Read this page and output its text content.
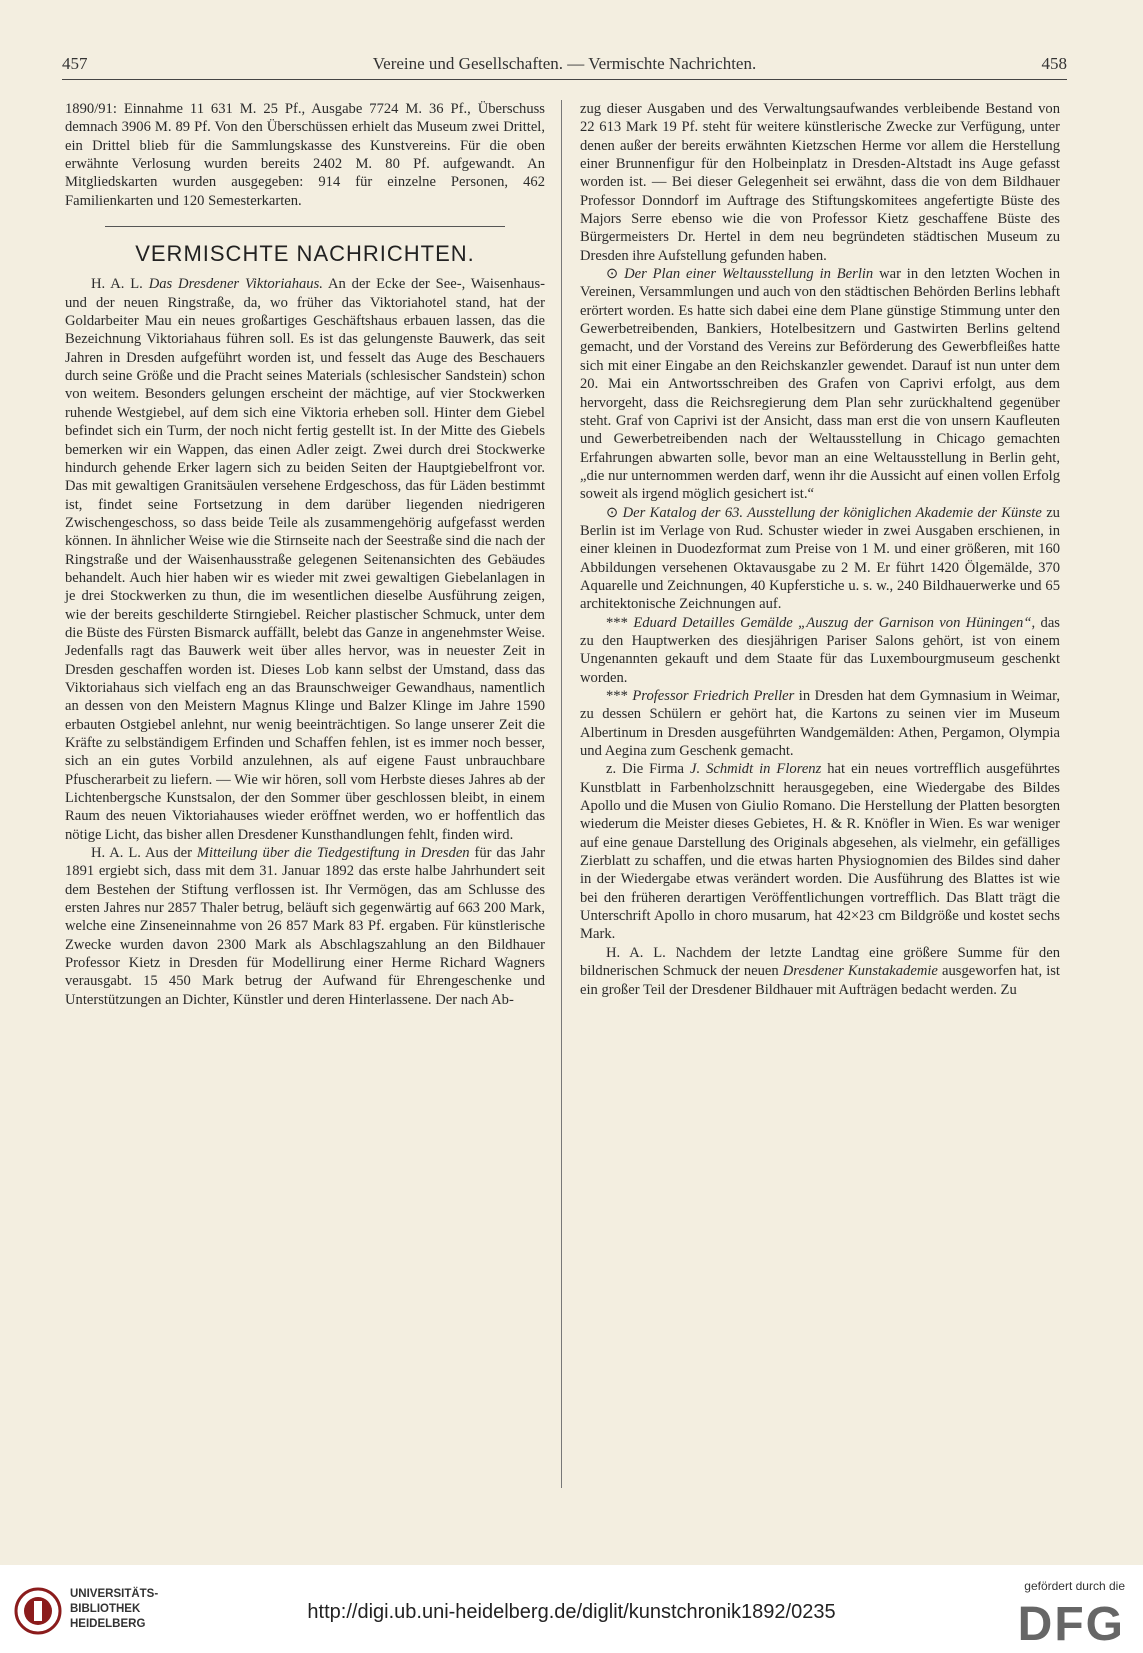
457	Vereine und Gesellschaften. — Vermischte Nachrichten.	458

1890/91: Einnahme 11 631 M. 25 Pf., Ausgabe 7724 M. 36 Pf., Überschuss demnach 3906 M. 89 Pf. Von den Überschüssen erhielt das Museum zwei Drittel, ein Drittel blieb für die Sammlungskasse des Kunstvereins. Für die oben erwähnte Verlosung wurden bereits 2402 M. 80 Pf. aufgewandt. An Mitgliedskarten wurden ausgegeben: 914 für einzelne Personen, 462 Familienkarten und 120 Semesterkarten.

VERMISCHTE NACHRICHTEN.

H. A. L. Das Dresdener Viktoriahaus. An der Ecke der See-, Waisenhaus- und der neuen Ringstraße, da, wo früher das Viktoriahotel stand, hat der Goldarbeiter Mau ein neues großartiges Geschäftshaus erbauen lassen, das die Bezeichnung Viktoriahaus führen soll. Es ist das gelungenste Bauwerk, das seit Jahren in Dresden aufgeführt worden ist, und fesselt das Auge des Beschauers durch seine Größe und die Pracht seines Materials (schlesischer Sandstein) schon von weitem. Besonders gelungen erscheint der mächtige, auf vier Stockwerken ruhende Westgiebel, auf dem sich eine Viktoria erheben soll. Hinter dem Giebel befindet sich ein Turm, der noch nicht fertig gestellt ist. In der Mitte des Giebels bemerken wir ein Wappen, das einen Adler zeigt. Zwei durch drei Stockwerke hindurch gehende Erker lagern sich zu beiden Seiten der Hauptgiebelfront vor. Das mit gewaltigen Granitsäulen versehene Erdgeschoss, das für Läden bestimmt ist, findet seine Fortsetzung in dem darüber liegenden niedrigeren Zwischengeschoss, so dass beide Teile als zusammengehörig aufgefasst werden können. In ähnlicher Weise wie die Stirnseite nach der Seestraße sind die nach der Ringstraße und der Waisenhausstraße gelegenen Seitenansichten des Gebäudes behandelt. Auch hier haben wir es wieder mit zwei gewaltigen Giebelanlagen in je drei Stockwerken zu thun, die im wesentlichen dieselbe Ausführung zeigen, wie der bereits geschilderte Stirngiebel. Reicher plastischer Schmuck, unter dem die Büste des Fürsten Bismarck auffällt, belebt das Ganze in angenehmster Weise. Jedenfalls ragt das Bauwerk weit über alles hervor, was in neuester Zeit in Dresden geschaffen worden ist. Dieses Lob kann selbst der Umstand, dass das Viktoriahaus sich vielfach eng an das Braunschweiger Gewandhaus, namentlich an dessen von den Meistern Magnus Klinge und Balzer Klinge im Jahre 1590 erbauten Ostgiebel anlehnt, nur wenig beeinträchtigen. So lange unserer Zeit die Kräfte zu selbständigem Erfinden und Schaffen fehlen, ist es immer noch besser, sich an ein gutes Vorbild anzulehnen, als auf eigene Faust unbrauchbare Pfuscherarbeit zu liefern. — Wie wir hören, soll vom Herbste dieses Jahres ab der Lichtenbergsche Kunstsalon, der den Sommer über geschlossen bleibt, in einem Raum des neuen Viktoriahauses wieder eröffnet werden, wo er hoffentlich das nötige Licht, das bisher allen Dresdener Kunsthandlungen fehlt, finden wird.

H. A. L. Aus der Mitteilung über die Tiedgestiftung in Dresden für das Jahr 1891 ergiebt sich, dass mit dem 31. Januar 1892 das erste halbe Jahrhundert seit dem Bestehen der Stiftung verflossen ist. Ihr Vermögen, das am Schlusse des ersten Jahres nur 2857 Thaler betrug, beläuft sich gegenwärtig auf 663 200 Mark, welche eine Zinseneinnahme von 26 857 Mark 83 Pf. ergaben. Für künstlerische Zwecke wurden davon 2300 Mark als Abschlagszahlung an den Bildhauer Professor Kietz in Dresden für Modellirung einer Herme Richard Wagners verausgabt. 15 450 Mark betrug der Aufwand für Ehrengeschenke und Unterstützungen an Dichter, Künstler und deren Hinterlassene. Der nach Ab-

zug dieser Ausgaben und des Verwaltungsaufwandes verbleibende Bestand von 22 613 Mark 19 Pf. steht für weitere künstlerische Zwecke zur Verfügung, unter denen außer der bereits erwähnten Kietzschen Herme vor allem die Herstellung einer Brunnenfigur für den Holbeinplatz in Dresden-Altstadt ins Auge gefasst worden ist. — Bei dieser Gelegenheit sei erwähnt, dass die von dem Bildhauer Professor Donndorf im Auftrage des Stiftungskomitees angefertigte Büste des Majors Serre ebenso wie die von Professor Kietz geschaffene Büste des Bürgermeisters Dr. Hertel in dem neu begründeten städtischen Museum zu Dresden ihre Aufstellung gefunden haben.

⊙ Der Plan einer Weltausstellung in Berlin war in den letzten Wochen in Vereinen, Versammlungen und auch von den städtischen Behörden Berlins lebhaft erörtert worden. Es hatte sich dabei eine dem Plane günstige Stimmung unter den Gewerbetreibenden, Bankiers, Hotelbesitzern und Gastwirten Berlins geltend gemacht, und der Vorstand des Vereins zur Beförderung des Gewerbfleißes hatte sich mit einer Eingabe an den Reichskanzler gewendet. Darauf ist nun unter dem 20. Mai ein Antwortsschreiben des Grafen von Caprivi erfolgt, aus dem hervorgeht, dass die Reichsregierung dem Plan sehr zurückhaltend gegenüber steht. Graf von Caprivi ist der Ansicht, dass man erst die von unsern Kaufleuten und Gewerbetreibenden nach der Weltausstellung in Chicago gemachten Erfahrungen abwarten solle, bevor man an eine Weltausstellung in Berlin geht, „die nur unternommen werden darf, wenn ihr die Aussicht auf einen vollen Erfolg soweit als irgend möglich gesichert ist.“

⊙ Der Katalog der 63. Ausstellung der königlichen Akademie der Künste zu Berlin ist im Verlage von Rud. Schuster wieder in zwei Ausgaben erschienen, in einer kleinen in Duodezformat zum Preise von 1 M. und einer größeren, mit 160 Abbildungen versehenen Oktavausgabe zu 2 M. Er führt 1420 Ölgemälde, 370 Aquarelle und Zeichnungen, 40 Kupferstiche u. s. w., 240 Bildhauerwerke und 65 architektonische Zeichnungen auf.

*** Eduard Detailles Gemälde „Auszug der Garnison von Hüningen“, das zu den Hauptwerken des diesjährigen Pariser Salons gehört, ist von einem Ungenannten gekauft und dem Staate für das Luxembourgmuseum geschenkt worden.

*** Professor Friedrich Preller in Dresden hat dem Gymnasium in Weimar, zu dessen Schülern er gehört hat, die Kartons zu seinen vier im Museum Albertinum in Dresden ausgeführten Wandgemälden: Athen, Pergamon, Olympia und Aegina zum Geschenk gemacht.

z. Die Firma J. Schmidt in Florenz hat ein neues vortrefflich ausgeführtes Kunstblatt in Farbenholzschnitt herausgegeben, eine Wiedergabe des Bildes Apollo und die Musen von Giulio Romano. Die Herstellung der Platten besorgten wiederum die Meister dieses Gebietes, H. & R. Knöfler in Wien. Es war weniger auf eine genaue Darstellung des Originals abgesehen, als vielmehr, ein gefälliges Zierblatt zu schaffen, und die etwas harten Physiognomien des Bildes sind daher in der Wiedergabe etwas verändert worden. Die Ausführung des Blattes ist wie bei den früheren derartigen Veröffentlichungen vortrefflich. Das Blatt trägt die Unterschrift Apollo in choro musarum, hat 42×23 cm Bildgröße und kostet sechs Mark.

H. A. L. Nachdem der letzte Landtag eine größere Summe für den bildnerischen Schmuck der neuen Dresdener Kunstakademie ausgeworfen hat, ist ein großer Teil der Dresdener Bildhauer mit Aufträgen bedacht werden. Zu

UNIVERSITÄTS-
BIBLIOTHEK
HEIDELBERG
http://digi.ub.uni-heidelberg.de/diglit/kunstchronik1892/0235
gefördert durch die
DFG
